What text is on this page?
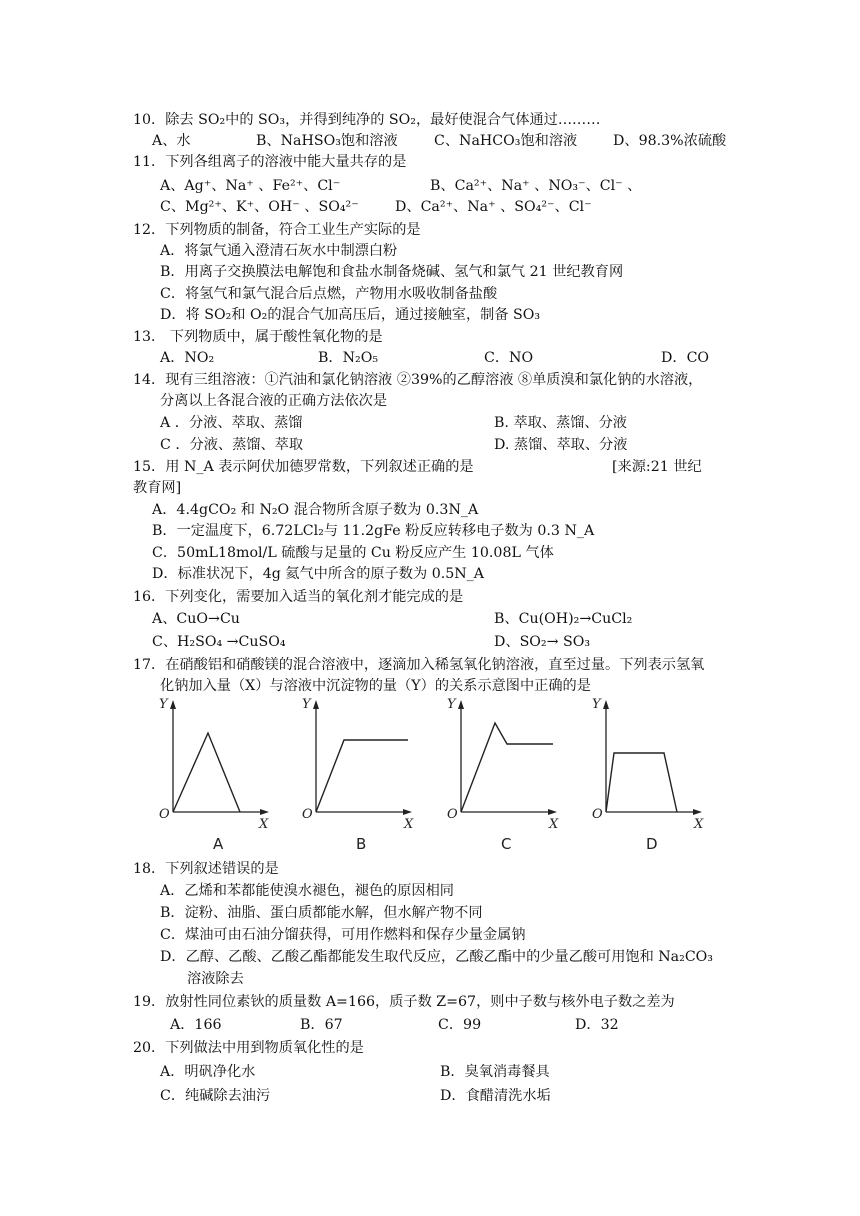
10．除去 SO₂中的 SO₃，并得到纯净的 SO₂，最好使混合气体通过………
A、水	B、NaHSO₃饱和溶液	C、NaHCO₃饱和溶液	D、98.3%浓硫酸
11．下列各组离子的溶液中能大量共存的是
A、Ag⁺、Na⁺ 、Fe²⁺、Cl⁻	B、Ca²⁺、Na⁺ 、NO₃⁻、Cl⁻ 、
C、Mg²⁺、K⁺、OH⁻ 、SO₄²⁻	D、Ca²⁺、Na⁺ 、SO₄²⁻、Cl⁻
12．下列物质的制备，符合工业生产实际的是
A．将氯气通入澄清石灰水中制漂白粉
B．用离子交换膜法电解饱和食盐水制备烧碱、氢气和氯气 21 世纪教育网
C．将氢气和氯气混合后点燃，产物用水吸收制备盐酸
D．将 SO₂和 O₂的混合气加高压后，通过接触室，制备 SO₃
13． 下列物质中，属于酸性氧化物的是
A．NO₂	B．N₂O₅	C．NO	D．CO
14．现有三组溶液：①汽油和氯化钠溶液 ②39%的乙醇溶液 ⑧单质溴和氯化钠的水溶液，
分离以上各混合液的正确方法依次是
A ．分液、萃取、蒸馏	B. 萃取、蒸馏、分液
C ．分液、蒸馏、萃取	D. 蒸馏、萃取、分液
15．用 N_A 表示阿伏加德罗常数，下列叙述正确的是	[来源:21 世纪
教育网]
A．4.4gCO₂ 和 N₂O 混合物所含原子数为 0.3N_A
B．一定温度下，6.72LCl₂与 11.2gFe 粉反应转移电子数为 0.3 N_A
C．50mL18mol/L 硫酸与足量的 Cu 粉反应产生 10.08L 气体
D．标准状况下，4g 氦气中所含的原子数为 0.5N_A
16．下列变化，需要加入适当的氧化剂才能完成的是
A、CuO→Cu	B、Cu(OH)₂→CuCl₂
C、H₂SO₄ →CuSO₄	D、SO₂→ SO₃
17．在硝酸铝和硝酸镁的混合溶液中，逐滴加入稀氢氧化钠溶液，直至过量。下列表示氢氧
化钠加入量（X）与溶液中沉淀物的量（Y）的关系示意图中正确的是
Y
O
X
A
Y
O
X
B
Y
O
X
C
Y
O
X
D
18．下列叙述错误的是
A．乙烯和苯都能使溴水褪色，褪色的原因相同
B．淀粉、油脂、蛋白质都能水解，但水解产物不同
C．煤油可由石油分馏获得，可用作燃料和保存少量金属钠
D．乙醇、乙酸、乙酸乙酯都能发生取代反应，乙酸乙酯中的少量乙酸可用饱和 Na₂CO₃
溶液除去
19．放射性同位素钬的质量数 A=166，质子数 Z=67，则中子数与核外电子数之差为
A．166	B．67	C．99	D．32
20．下列做法中用到物质氧化性的是
A．明矾净化水	B．臭氧消毒餐具
C．纯碱除去油污	D．食醋清洗水垢
